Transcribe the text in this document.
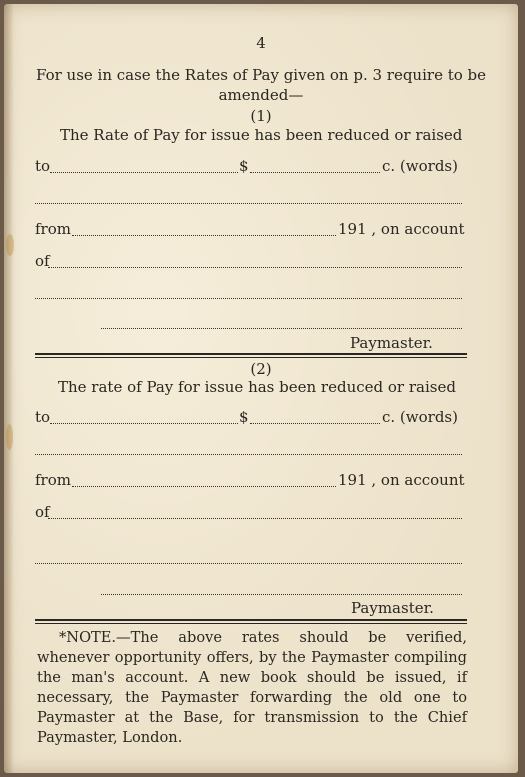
4
For use in case the Rates of Pay given on p. 3 require to be
amended—
(1)
The Rate of Pay for issue has been reduced or raised
to	$	c. (words)
from	191 , on account
of
Paymaster.
(2)
The rate of Pay for issue has been reduced or raised
to	$	c. (words)
from	191 , on account
of
Paymaster.

*NOTE.—The above rates should be verified, whenever opportunity offers, by the Paymaster compiling the man's account. A new book should be issued, if necessary, the Paymaster forwarding the old one to Paymaster at the Base, for transmission to the Chief Paymaster, London.
